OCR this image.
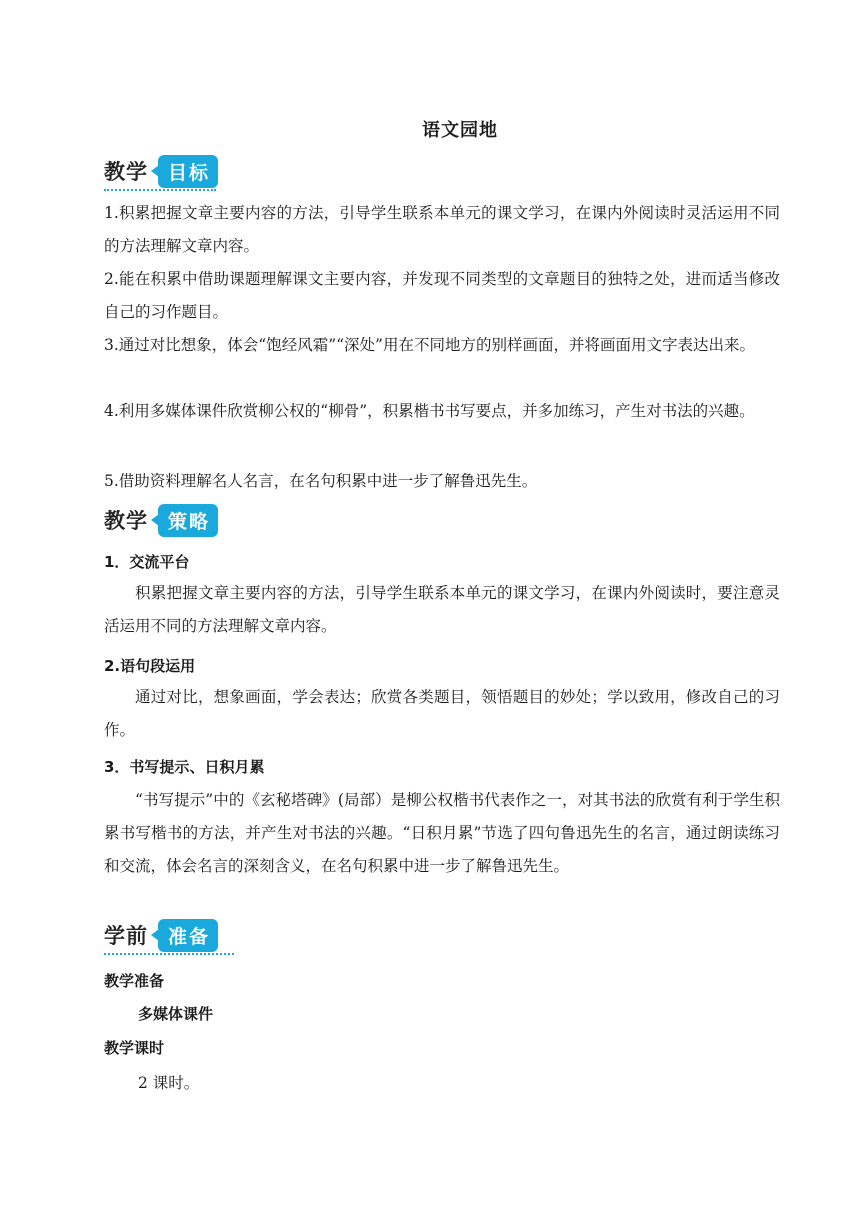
语文园地
教学	目标
1.积累把握文章主要内容的方法，引导学生联系本单元的课文学习，在课内外阅读时灵活运用不同的方法理解文章内容。
2.能在积累中借助课题理解课文主要内容，并发现不同类型的文章题目的独特之处，进而适当修改自己的习作题目。
3.通过对比想象，体会“饱经风霜”“深处”用在不同地方的别样画面，并将画面用文字表达出来。
4.利用多媒体课件欣赏柳公权的“柳骨”，积累楷书书写要点，并多加练习，产生对书法的兴趣。
5.借助资料理解名人名言，在名句积累中进一步了解鲁迅先生。
教学	策略
1．交流平台
积累把握文章主要内容的方法，引导学生联系本单元的课文学习，在课内外阅读时，要注意灵活运用不同的方法理解文章内容。
2.语句段运用
通过对比，想象画面，学会表达；欣赏各类题目，领悟题目的妙处；学以致用，修改自己的习作。
3．书写提示、日积月累
“书写提示”中的《玄秘塔碑》(局部）是柳公权楷书代表作之一，对其书法的欣赏有利于学生积累书写楷书的方法，并产生对书法的兴趣。“日积月累”节选了四句鲁迅先生的名言，通过朗读练习和交流，体会名言的深刻含义，在名句积累中进一步了解鲁迅先生。
学前	准备
教学准备
多媒体课件
教学课时
2 课时。
